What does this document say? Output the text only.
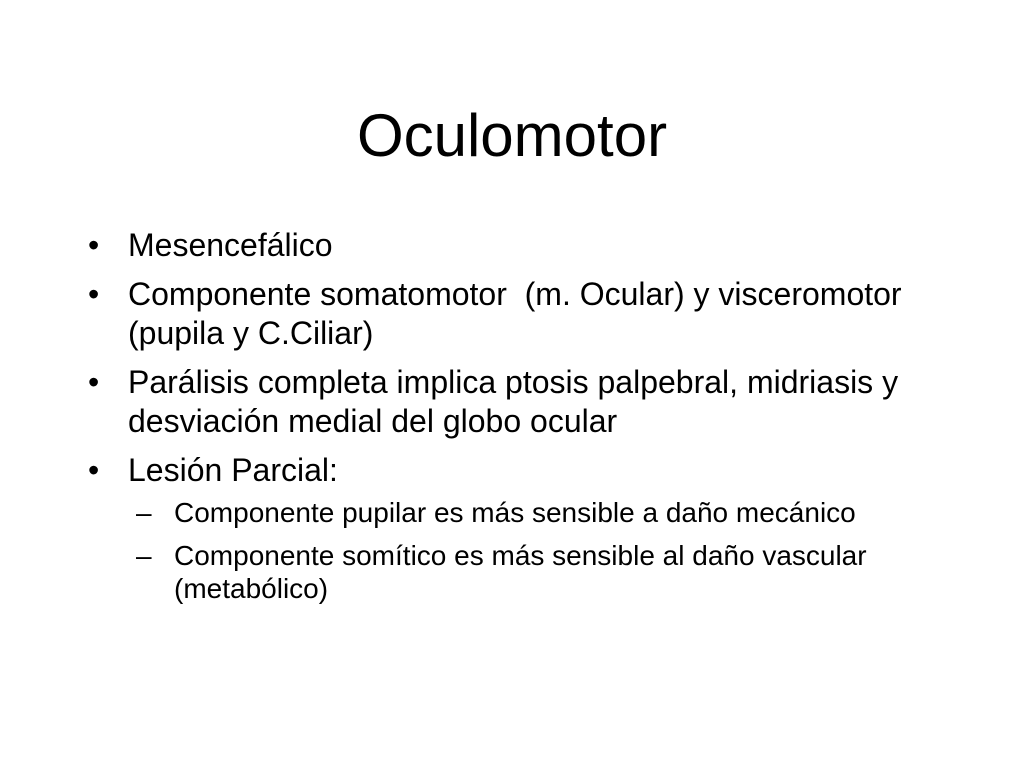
Oculomotor
• Mesencefálico
• Componente somatomotor  (m. Ocular) y visceromotor (pupila y C.Ciliar)
• Parálisis completa implica ptosis palpebral, midriasis y desviación medial del globo ocular
• Lesión Parcial:
– Componente pupilar es más sensible a daño mecánico
– Componente somítico es más sensible al daño vascular (metabólico)
